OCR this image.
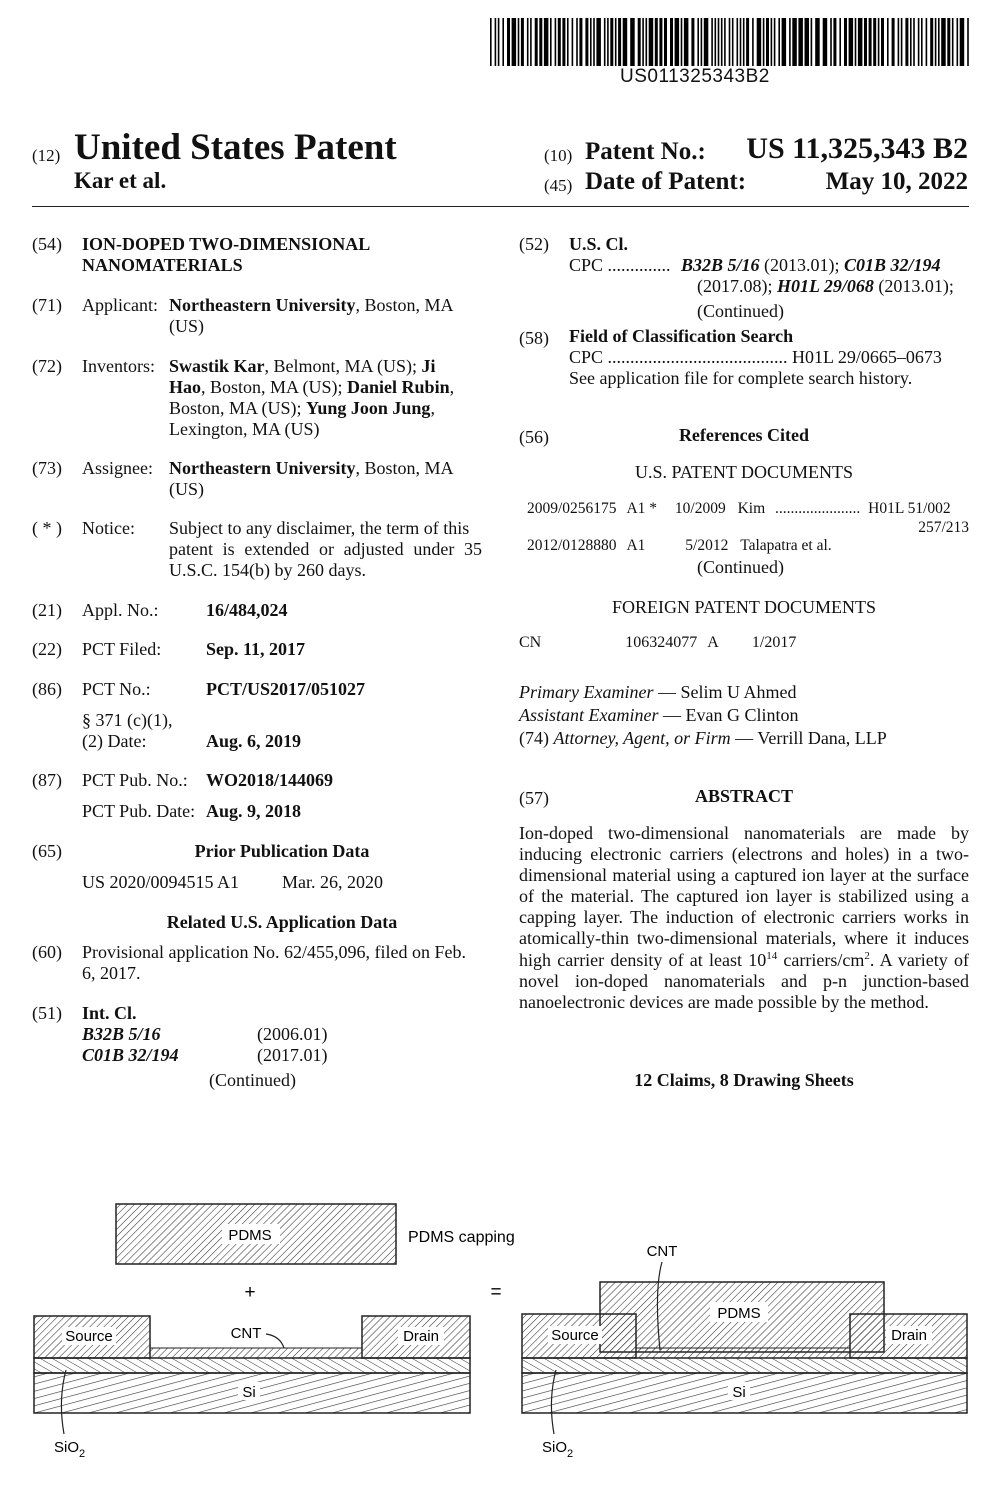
US011325343B2
(12) United States Patent
Kar et al.
(10) Patent No.: US 11,325,343 B2
(45) Date of Patent:	May 10, 2022
(54) ION-DOPED TWO-DIMENSIONAL
NANOMATERIALS
(71) Applicant: Northeastern University, Boston, MA
(US)
(72) Inventors: Swastik Kar, Belmont, MA (US); Ji
Hao, Boston, MA (US); Daniel Rubin,
Boston, MA (US); Yung Joon Jung,
Lexington, MA (US)
(73) Assignee: Northeastern University, Boston, MA
(US)
( * ) Notice: Subject to any disclaimer, the term of this
patent is extended or adjusted under 35
U.S.C. 154(b) by 260 days.
(21) Appl. No.:	16/484,024
(22) PCT Filed: Sep. 11, 2017
(86) PCT No.:	PCT/US2017/051027
§ 371 (c)(1),
(2) Date:	Aug. 6, 2019
(87) PCT Pub. No.: WO2018/144069
PCT Pub. Date: Aug. 9, 2018
(65)	Prior Publication Data
US 2020/0094515 A1 Mar. 26, 2020
Related U.S. Application Data
(60) Provisional application No. 62/455,096, filed on Feb.
6, 2017.
(51) Int. Cl.
B32B 5/16	(2006.01)
C01B 32/194	(2017.01)
(Continued)
(52) U.S. Cl.
CPC .............. B32B 5/16 (2013.01); C01B 32/194
(2017.08); H01L 29/068 (2013.01);
(Continued)
(58) Field of Classification Search
CPC ........................................ H01L 29/0665–0673
See application file for complete search history.
(56)	References Cited
U.S. PATENT DOCUMENTS
2009/0256175 A1 * 10/2009 Kim ...................... H01L 51/002
257/213
2012/0128880 A1	5/2012 Talapatra et al.
(Continued)
FOREIGN PATENT DOCUMENTS
CN	106324077 A 1/2017
Primary Examiner — Selim U Ahmed
Assistant Examiner — Evan G Clinton
(74) Attorney, Agent, or Firm — Verrill Dana, LLP
(57)	ABSTRACT
Ion-doped two-dimensional nanomaterials are made by inducing electronic carriers (electrons and holes) in a two-dimensional material using a captured ion layer at the surface of the material. The captured ion layer is stabilized using a capping layer. The induction of electronic carriers works in atomically-thin two-dimensional materials, where it induces high carrier density of at least $10^{14}$ carriers/$cm^2$. A variety of novel ion-doped nanomaterials and p-n junction-based nanoelectronic devices are made possible by the method.
12 Claims, 8 Drawing Sheets
PDMS	PDMS capping
+	=
Source	Drain
CNT
Si
SiO$_2$
PDMS
Source	Drain
CNT
Si
SiO$_2$
